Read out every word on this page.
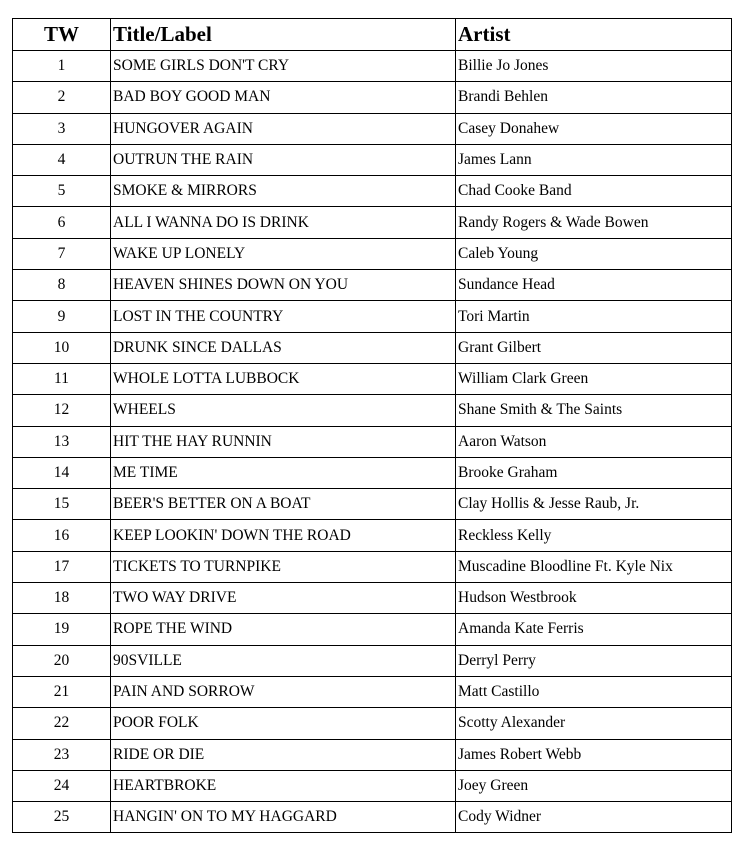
TW	Title/Label	Artist
1	SOME GIRLS DON'T CRY	Billie Jo Jones
2	BAD BOY GOOD MAN	Brandi Behlen
3	HUNGOVER AGAIN	Casey Donahew
4	OUTRUN THE RAIN	James Lann
5	SMOKE & MIRRORS	Chad Cooke Band
6	ALL I WANNA DO IS DRINK	Randy Rogers & Wade Bowen
7	WAKE UP LONELY	Caleb Young
8	HEAVEN SHINES DOWN ON YOU	Sundance Head
9	LOST IN THE COUNTRY	Tori Martin
10	DRUNK SINCE DALLAS	Grant Gilbert
11	WHOLE LOTTA LUBBOCK	William Clark Green
12	WHEELS	Shane Smith & The Saints
13	HIT THE HAY RUNNIN	Aaron Watson
14	ME TIME	Brooke Graham
15	BEER'S BETTER ON A BOAT	Clay Hollis & Jesse Raub, Jr.
16	KEEP LOOKIN' DOWN THE ROAD	Reckless Kelly
17	TICKETS TO TURNPIKE	Muscadine Bloodline Ft. Kyle Nix
18	TWO WAY DRIVE	Hudson Westbrook
19	ROPE THE WIND	Amanda Kate Ferris
20	90SVILLE	Derryl Perry
21	PAIN AND SORROW	Matt Castillo
22	POOR FOLK	Scotty Alexander
23	RIDE OR DIE	James Robert Webb
24	HEARTBROKE	Joey Green
25	HANGIN' ON TO MY HAGGARD	Cody Widner
